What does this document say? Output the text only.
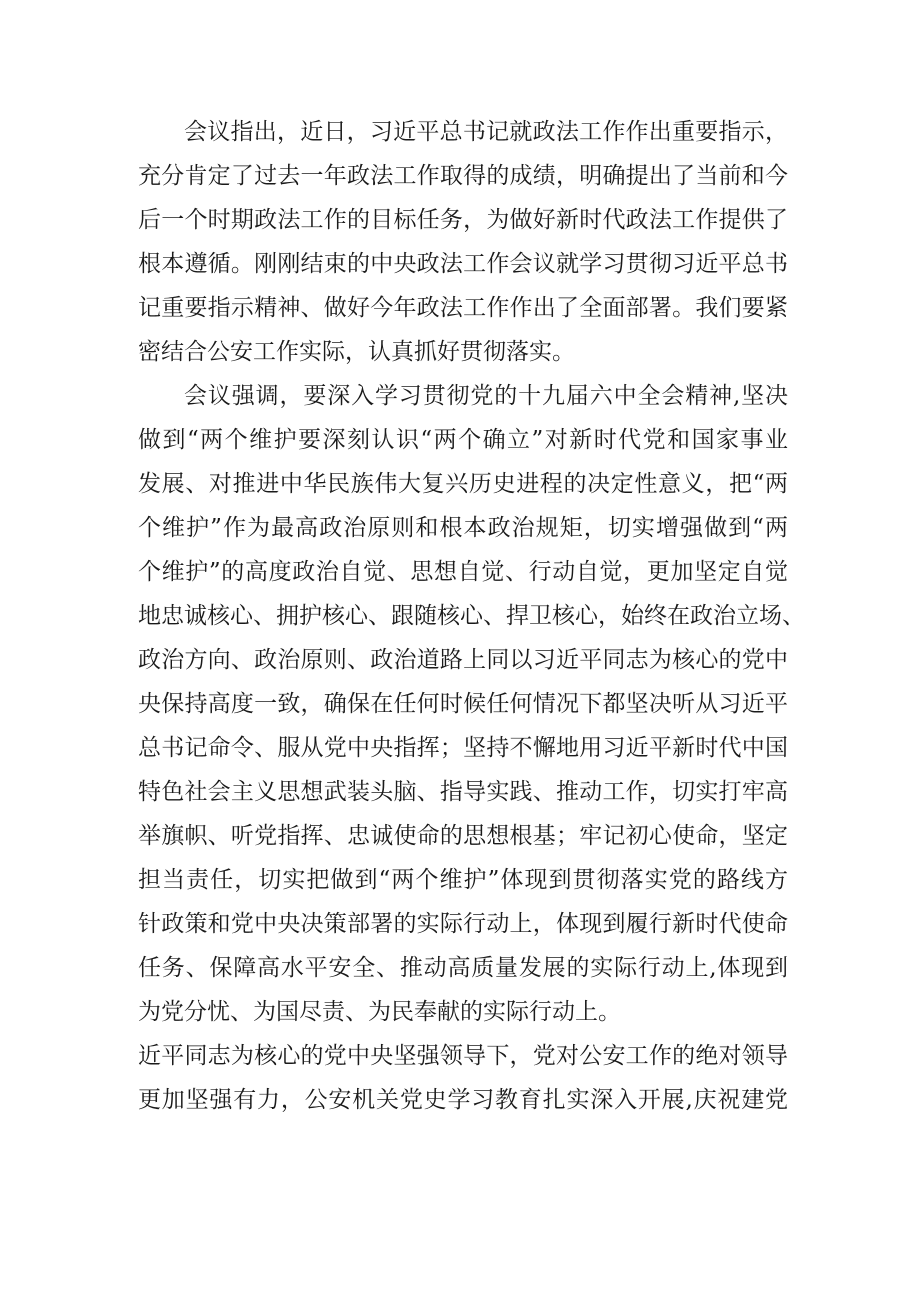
会议指出，近日，习近平总书记就政法工作作出重要指示，
充分肯定了过去一年政法工作取得的成绩，明确提出了当前和今
后一个时期政法工作的目标任务，为做好新时代政法工作提供了
根本遵循。刚刚结束的中央政法工作会议就学习贯彻习近平总书
记重要指示精神、做好今年政法工作作出了全面部署。我们要紧
密结合公安工作实际，认真抓好贯彻落实。
会议强调，要深入学习贯彻党的十九届六中全会精神,坚决
做到“两个维护要深刻认识“两个确立”对新时代党和国家事业
发展、对推进中华民族伟大复兴历史进程的决定性意义，把“两
个维护”作为最高政治原则和根本政治规矩，切实增强做到“两
个维护”的高度政治自觉、思想自觉、行动自觉，更加坚定自觉
地忠诚核心、拥护核心、跟随核心、捍卫核心，始终在政治立场、
政治方向、政治原则、政治道路上同以习近平同志为核心的党中
央保持高度一致，确保在任何时候任何情况下都坚决听从习近平
总书记命令、服从党中央指挥；坚持不懈地用习近平新时代中国
特色社会主义思想武装头脑、指导实践、推动工作，切实打牢高
举旗帜、听党指挥、忠诚使命的思想根基；牢记初心使命，坚定
担当责任，切实把做到“两个维护”体现到贯彻落实党的路线方
针政策和党中央决策部署的实际行动上，体现到履行新时代使命
任务、保障高水平安全、推动高质量发展的实际行动上,体现到
为党分忧、为国尽责、为民奉献的实际行动上。
近平同志为核心的党中央坚强领导下，党对公安工作的绝对领导
更加坚强有力，公安机关党史学习教育扎实深入开展,庆祝建党
